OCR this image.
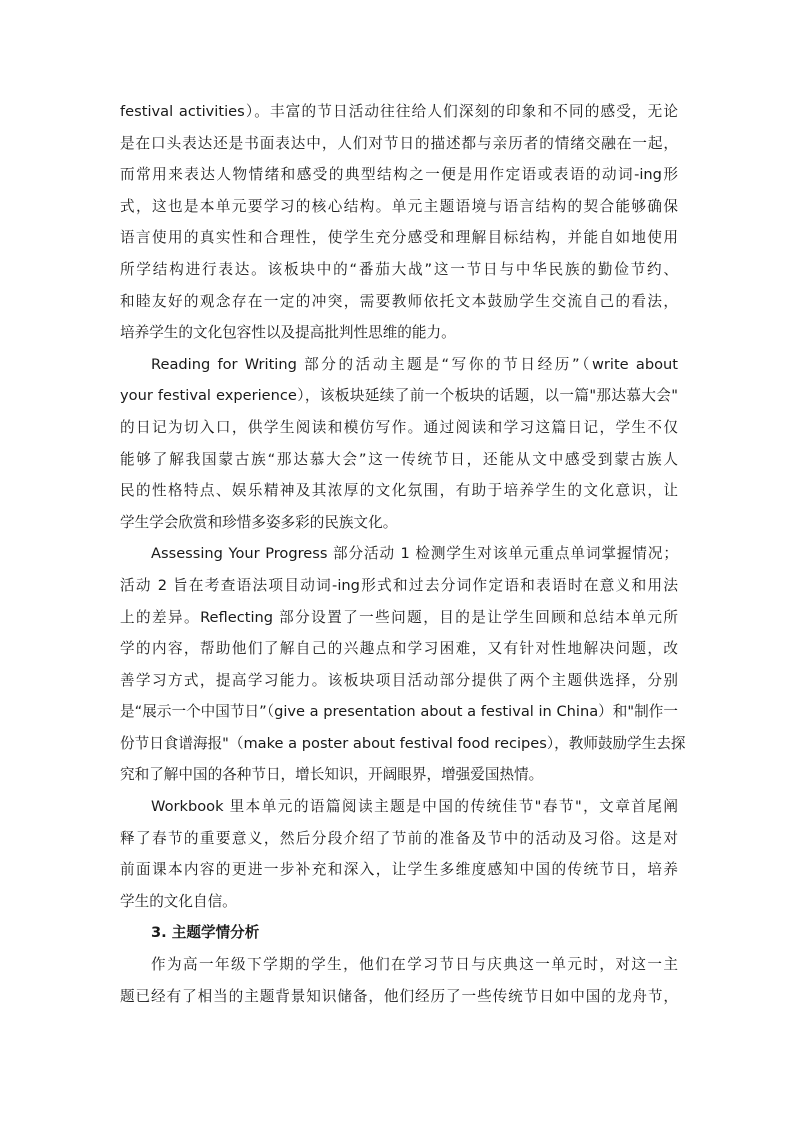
festival activities）。丰富的节日活动往往给人们深刻的印象和不同的感受，无论
是在口头表达还是书面表达中，人们对节日的描述都与亲历者的情绪交融在一起，
而常用来表达人物情绪和感受的典型结构之一便是用作定语或表语的动词-ing形
式，这也是本单元要学习的核心结构。单元主题语境与语言结构的契合能够确保
语言使用的真实性和合理性，使学生充分感受和理解目标结构，并能自如地使用
所学结构进行表达。该板块中的“番茄大战”这一节日与中华民族的勤俭节约、
和睦友好的观念存在一定的冲突，需要教师依托文本鼓励学生交流自己的看法，
培养学生的文化包容性以及提高批判性思维的能力。
Reading for Writing 部分的活动主题是“写你的节日经历”（write about
your festival experience），该板块延续了前一个板块的话题，以一篇"那达慕大会"
的日记为切入口，供学生阅读和模仿写作。通过阅读和学习这篇日记，学生不仅
能够了解我国蒙古族“那达慕大会”这一传统节日，还能从文中感受到蒙古族人
民的性格特点、娱乐精神及其浓厚的文化氛围，有助于培养学生的文化意识，让
学生学会欣赏和珍惜多姿多彩的民族文化。
Assessing Your Progress 部分活动 1 检测学生对该单元重点单词掌握情况；
活动 2 旨在考查语法项目动词-ing形式和过去分词作定语和表语时在意义和用法
上的差异。Reflecting 部分设置了一些问题，目的是让学生回顾和总结本单元所
学的内容，帮助他们了解自己的兴趣点和学习困难，又有针对性地解决问题，改
善学习方式，提高学习能力。该板块项目活动部分提供了两个主题供选择，分别
是“展示一个中国节日”（give a presentation about a festival in China）和"制作一
份节日食谱海报"（make a poster about festival food recipes），教师鼓励学生去探
究和了解中国的各种节日，增长知识，开阔眼界，增强爱国热情。
Workbook 里本单元的语篇阅读主题是中国的传统佳节"春节"，文章首尾阐
释了春节的重要意义，然后分段介绍了节前的准备及节中的活动及习俗。这是对
前面课本内容的更进一步补充和深入，让学生多维度感知中国的传统节日，培养
学生的文化自信。
3. 主题学情分析
作为高一年级下学期的学生，他们在学习节日与庆典这一单元时，对这一主
题已经有了相当的主题背景知识储备，他们经历了一些传统节日如中国的龙舟节，
